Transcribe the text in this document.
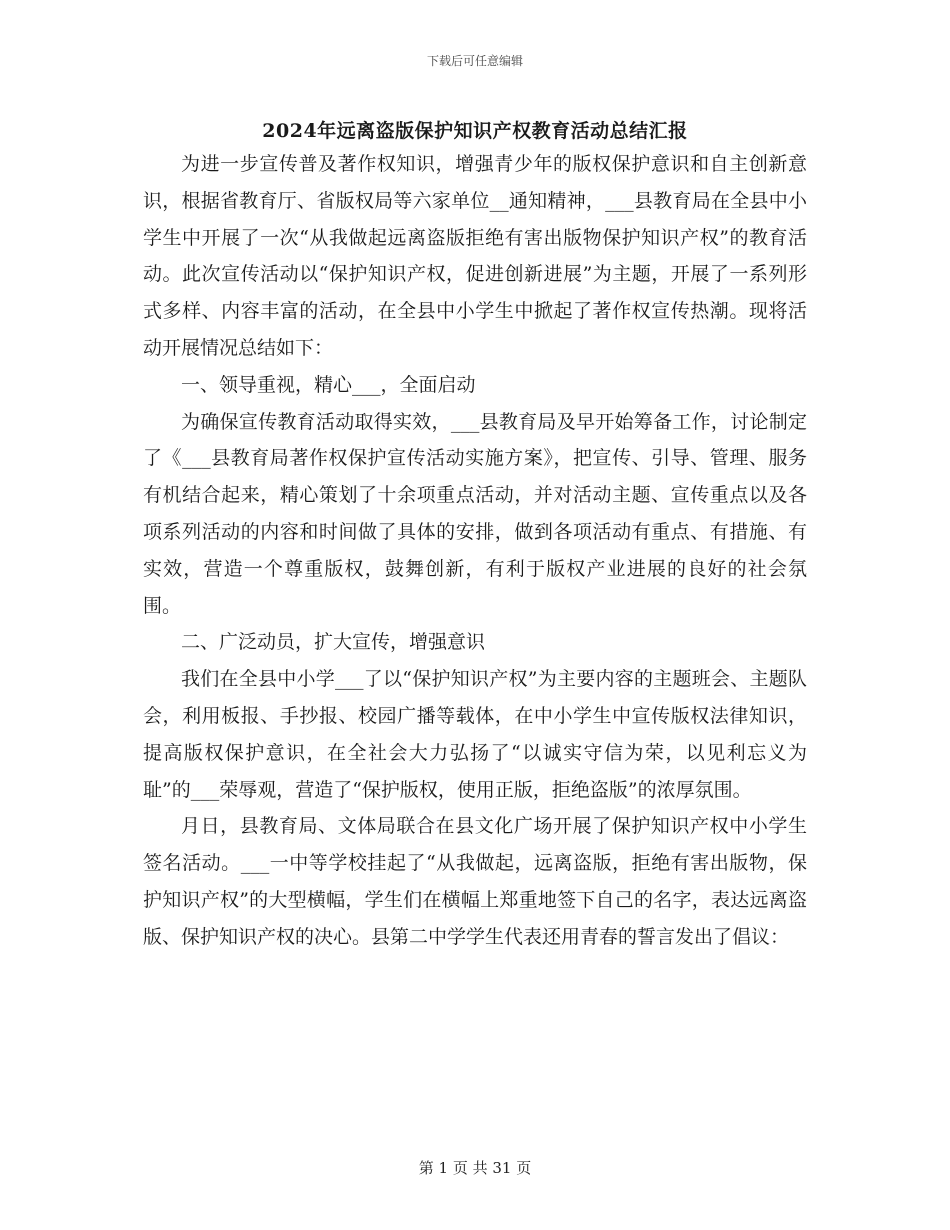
下载后可任意编辑
2024年远离盗版保护知识产权教育活动总结汇报

为进一步宣传普及著作权知识，增强青少年的版权保护意识和自主创新意识，根据省教育厅、省版权局等六家单位__通知精神，___县教育局在全县中小学生中开展了一次“从我做起远离盗版拒绝有害出版物保护知识产权”的教育活动。此次宣传活动以“保护知识产权，促进创新进展”为主题，开展了一系列形式多样、内容丰富的活动，在全县中小学生中掀起了著作权宣传热潮。现将活动开展情况总结如下：

一、领导重视，精心___，全面启动

为确保宣传教育活动取得实效，___县教育局及早开始筹备工作，讨论制定了《___县教育局著作权保护宣传活动实施方案》，把宣传、引导、管理、服务有机结合起来，精心策划了十余项重点活动，并对活动主题、宣传重点以及各项系列活动的内容和时间做了具体的安排，做到各项活动有重点、有措施、有实效，营造一个尊重版权，鼓舞创新，有利于版权产业进展的良好的社会氛围。

二、广泛动员，扩大宣传，增强意识

我们在全县中小学___了以“保护知识产权”为主要内容的主题班会、主题队会，利用板报、手抄报、校园广播等载体，在中小学生中宣传版权法律知识，提高版权保护意识，在全社会大力弘扬了“以诚实守信为荣，以见利忘义为耻”的___荣辱观，营造了“保护版权，使用正版，拒绝盗版”的浓厚氛围。

月日，县教育局、文体局联合在县文化广场开展了保护知识产权中小学生签名活动。___一中等学校挂起了“从我做起，远离盗版，拒绝有害出版物，保护知识产权”的大型横幅，学生们在横幅上郑重地签下自己的名字，表达远离盗版、保护知识产权的决心。县第二中学学生代表还用青春的誓言发出了倡议：

第 1 页 共 31 页
